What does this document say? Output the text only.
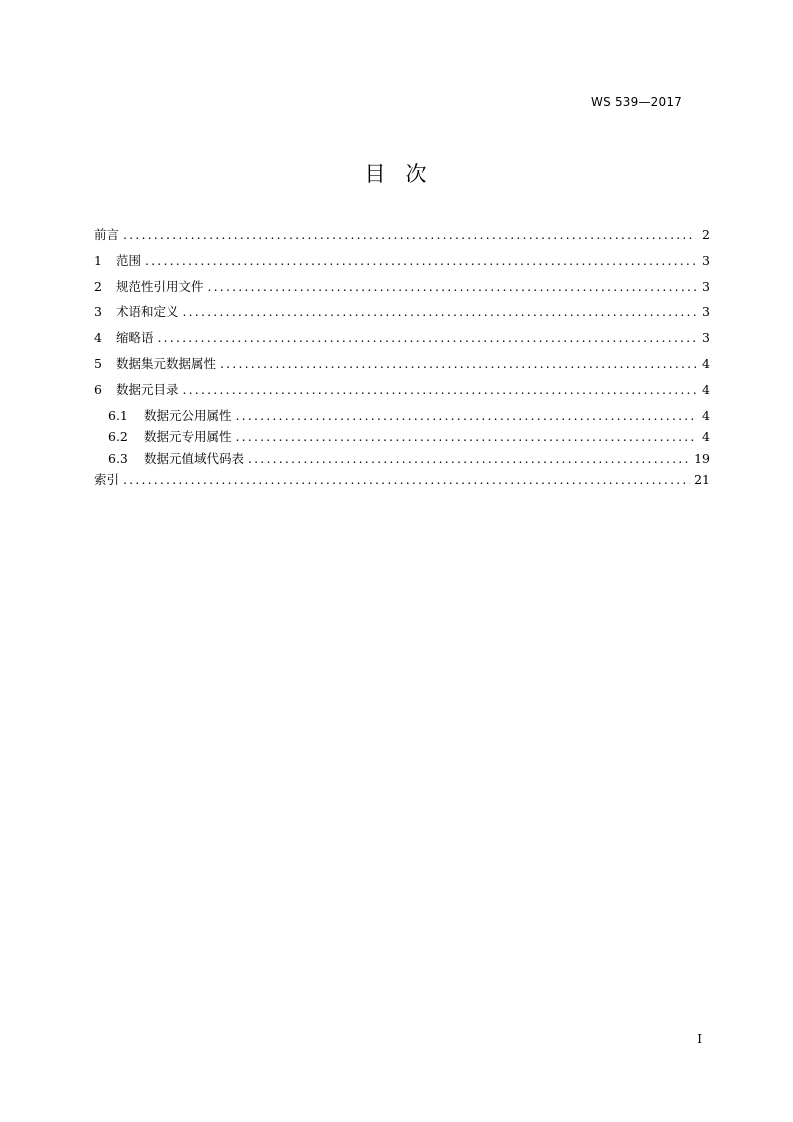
WS 539—2017
目 次
前言 . . .	2
1	范围 . . .	3
2	规范性引用文件 . . .	3
3	术语和定义 . . .	3
4	缩略语 . . .	3
5	数据集元数据属性 . . .	4
6	数据元目录 . . .	4
6.1	数据元公用属性 . . .	4
6.2	数据元专用属性 . . .	4
6.3	数据元值域代码表 . . .	19
索引 . . .	21
I
